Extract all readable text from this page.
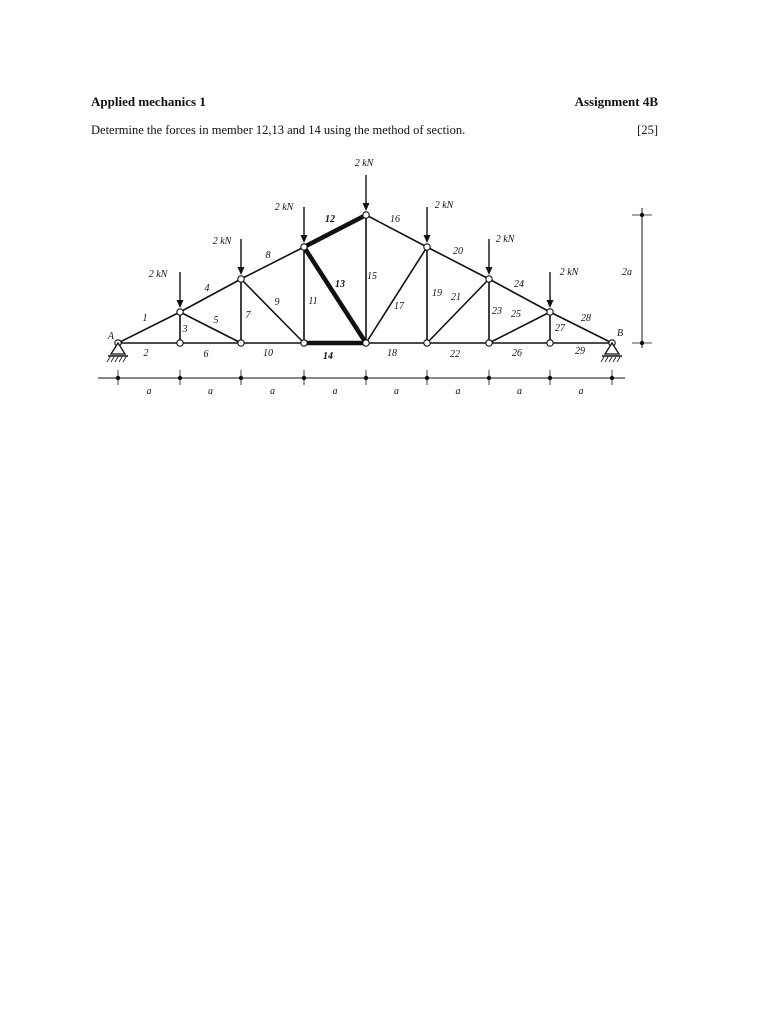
Applied mechanics 1	Assignment 4B
Determine the forces in member 12,13 and 14 using the method of section.	[25]
2 kN
2 kN
2 kN
2 kN
2 kN
2 kN
2 kN
A	B
a	a	a	a	a	a	a	a
2a
1
2
3
4
5
6
7
8
9
10
11
12
13
14
15
16
17
18
19
20
21
22
23
24
25
26
27
28
29
